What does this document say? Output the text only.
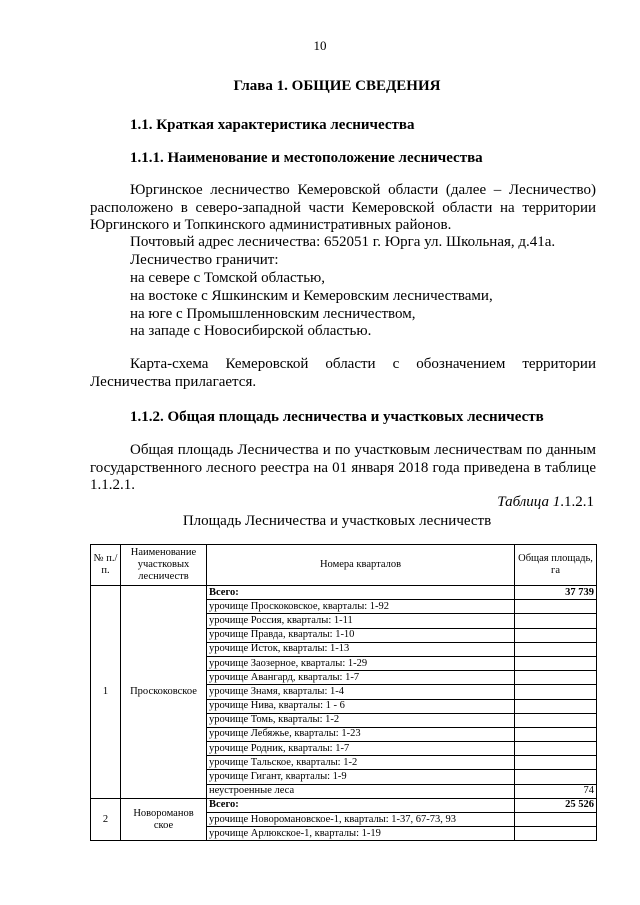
10
Глава 1. ОБЩИЕ СВЕДЕНИЯ
1.1. Краткая характеристика лесничества
1.1.1. Наименование и местоположение лесничества

Юргинское лесничество Кемеровской области (далее – Лесничество) расположено в северо-западной части Кемеровской области на территории Юргинского и Топкинского административных районов.

Почтовый адрес лесничества: 652051 г. Юрга ул. Школьная, д.41а.
Лесничество граничит:
на севере с Томской областью,
на востоке с Яшкинским и Кемеровским лесничествами,
на юге с Промышленновским лесничеством,
на западе с Новосибирской областью.

Карта-схема Кемеровской области с обозначением территории Лесничества прилагается.

1.1.2. Общая площадь лесничества и участковых лесничеств

Общая площадь Лесничества и по участковым лесничествам по данным государственного лесного реестра на 01 января 2018 года приведена в таблице 1.1.2.1.

Таблица 1.1.2.1
Площадь Лесничества и участковых лесничеств
№ п./п.	Наименование участковых лесничеств	Номера кварталов	Общая площадь, га
1	Проскоковское	Всего:	37 739
		урочище Проскоковское, кварталы: 1-92	
		урочище Россия, кварталы: 1-11	
		урочище Правда, кварталы: 1-10	
		урочище Исток, кварталы: 1-13	
		урочище Заозерное, кварталы: 1-29	
		урочище Авангард, кварталы: 1-7	
		урочище Знамя, кварталы: 1-4	
		урочище Нива, кварталы: 1 - 6	
		урочище Томь, кварталы: 1-2	
		урочище Лебяжье, кварталы: 1-23	
		урочище Родник, кварталы: 1-7	
		урочище Тальское, кварталы: 1-2	
		урочище Гигант, кварталы: 1-9	
		неустроенные леса	74
2	Новороманов ское	Всего:	25 526
		урочище Новоромановское-1, кварталы: 1-37, 67-73, 93	
		урочище Арлюкское-1, кварталы: 1-19	
